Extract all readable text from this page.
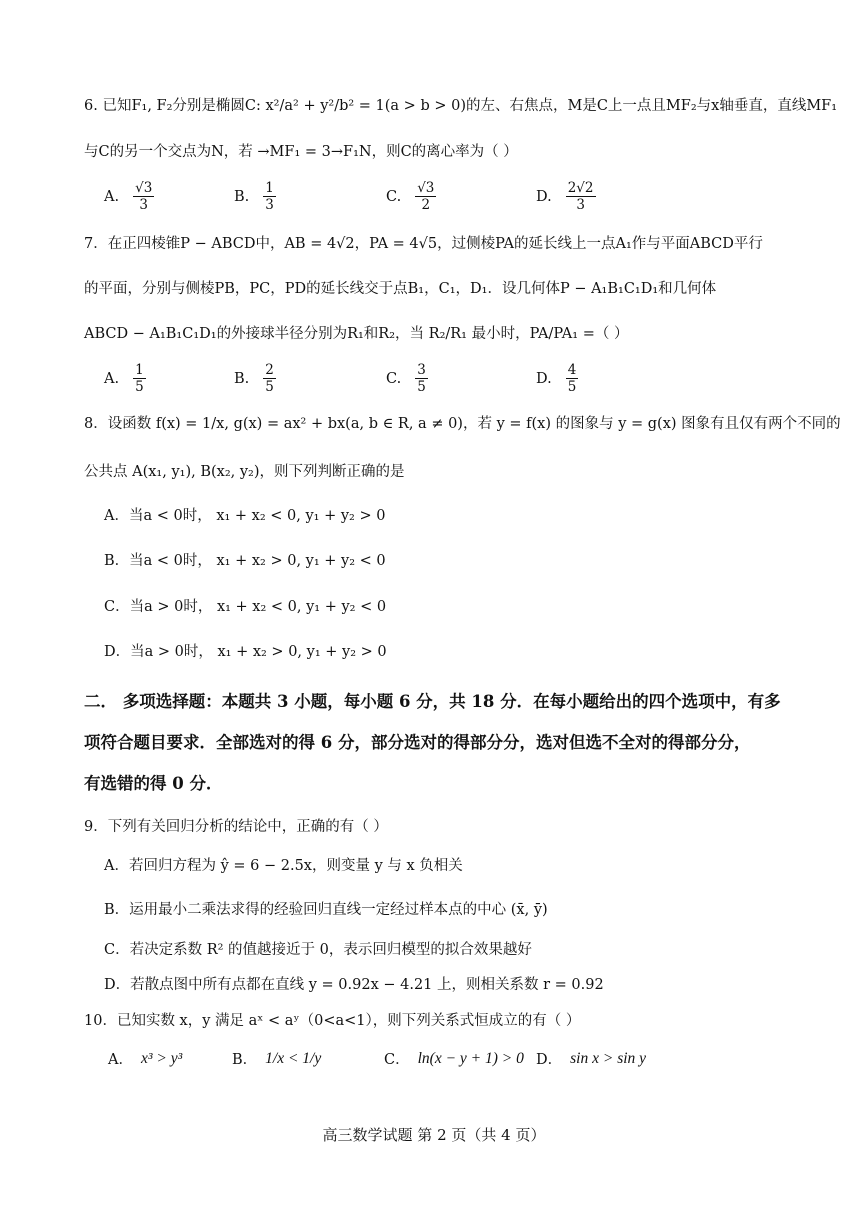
6. 已知F₁, F₂分别是椭圆C: x²/a² + y²/b² = 1(a > b > 0)的左、右焦点，M是C上一点且MF₂与x轴垂直，直线MF₁
与C的另一个交点为N，若 →MF₁ = 3→F₁N，则C的离心率为（ ）
A. $\frac{√3}{3}$	B. $\frac{1}{3}$	C. $\frac{√3}{2}$	D. $\frac{2√2}{3}$
7．在正四棱锥P − ABCD中，AB = 4√2，PA = 4√5，过侧棱PA的延长线上一点A₁作与平面ABCD平行
的平面，分别与侧棱PB，PC，PD的延长线交于点B₁，C₁，D₁．设几何体P − A₁B₁C₁D₁和几何体
ABCD − A₁B₁C₁D₁的外接球半径分别为R₁和R₂，当 R₂/R₁ 最小时，PA/PA₁ =（ ）
A. $\frac{1}{5}$	B. $\frac{2}{5}$	C. $\frac{3}{5}$	D. $\frac{4}{5}$
8．设函数 f(x) = 1/x, g(x) = ax² + bx(a, b ∈ R, a ≠ 0)，若 y = f(x) 的图象与 y = g(x) 图象有且仅有两个不同的
公共点 A(x₁, y₁), B(x₂, y₂)，则下列判断正确的是
A．当a < 0时， x₁ + x₂ < 0, y₁ + y₂ > 0
B．当a < 0时， x₁ + x₂ > 0, y₁ + y₂ < 0
C．当a > 0时， x₁ + x₂ < 0, y₁ + y₂ < 0
D．当a > 0时， x₁ + x₂ > 0, y₁ + y₂ > 0
二． 多项选择题：本题共 3 小题，每小题 6 分，共 18 分．在每小题给出的四个选项中，有多
项符合题目要求．全部选对的得 6 分，部分选对的得部分分，选对但选不全对的得部分分，
有选错的得 0 分．
9．下列有关回归分析的结论中，正确的有（ ）
A．若回归方程为 ŷ = 6 − 2.5x，则变量 y 与 x 负相关
B．运用最小二乘法求得的经验回归直线一定经过样本点的中心 (x̄, ȳ)
C．若决定系数 R² 的值越接近于 0，表示回归模型的拟合效果越好
D．若散点图中所有点都在直线 y = 0.92x − 4.21 上，则相关系数 r = 0.92
10．已知实数 x，y 满足 aˣ < aʸ（0<a<1），则下列关系式恒成立的有（ ）
A． x³ > y³	B． 1/x < 1/y	C． ln(x − y + 1) > 0 D． sin x > sin y
高三数学试题 第 2 页（共 4 页）
